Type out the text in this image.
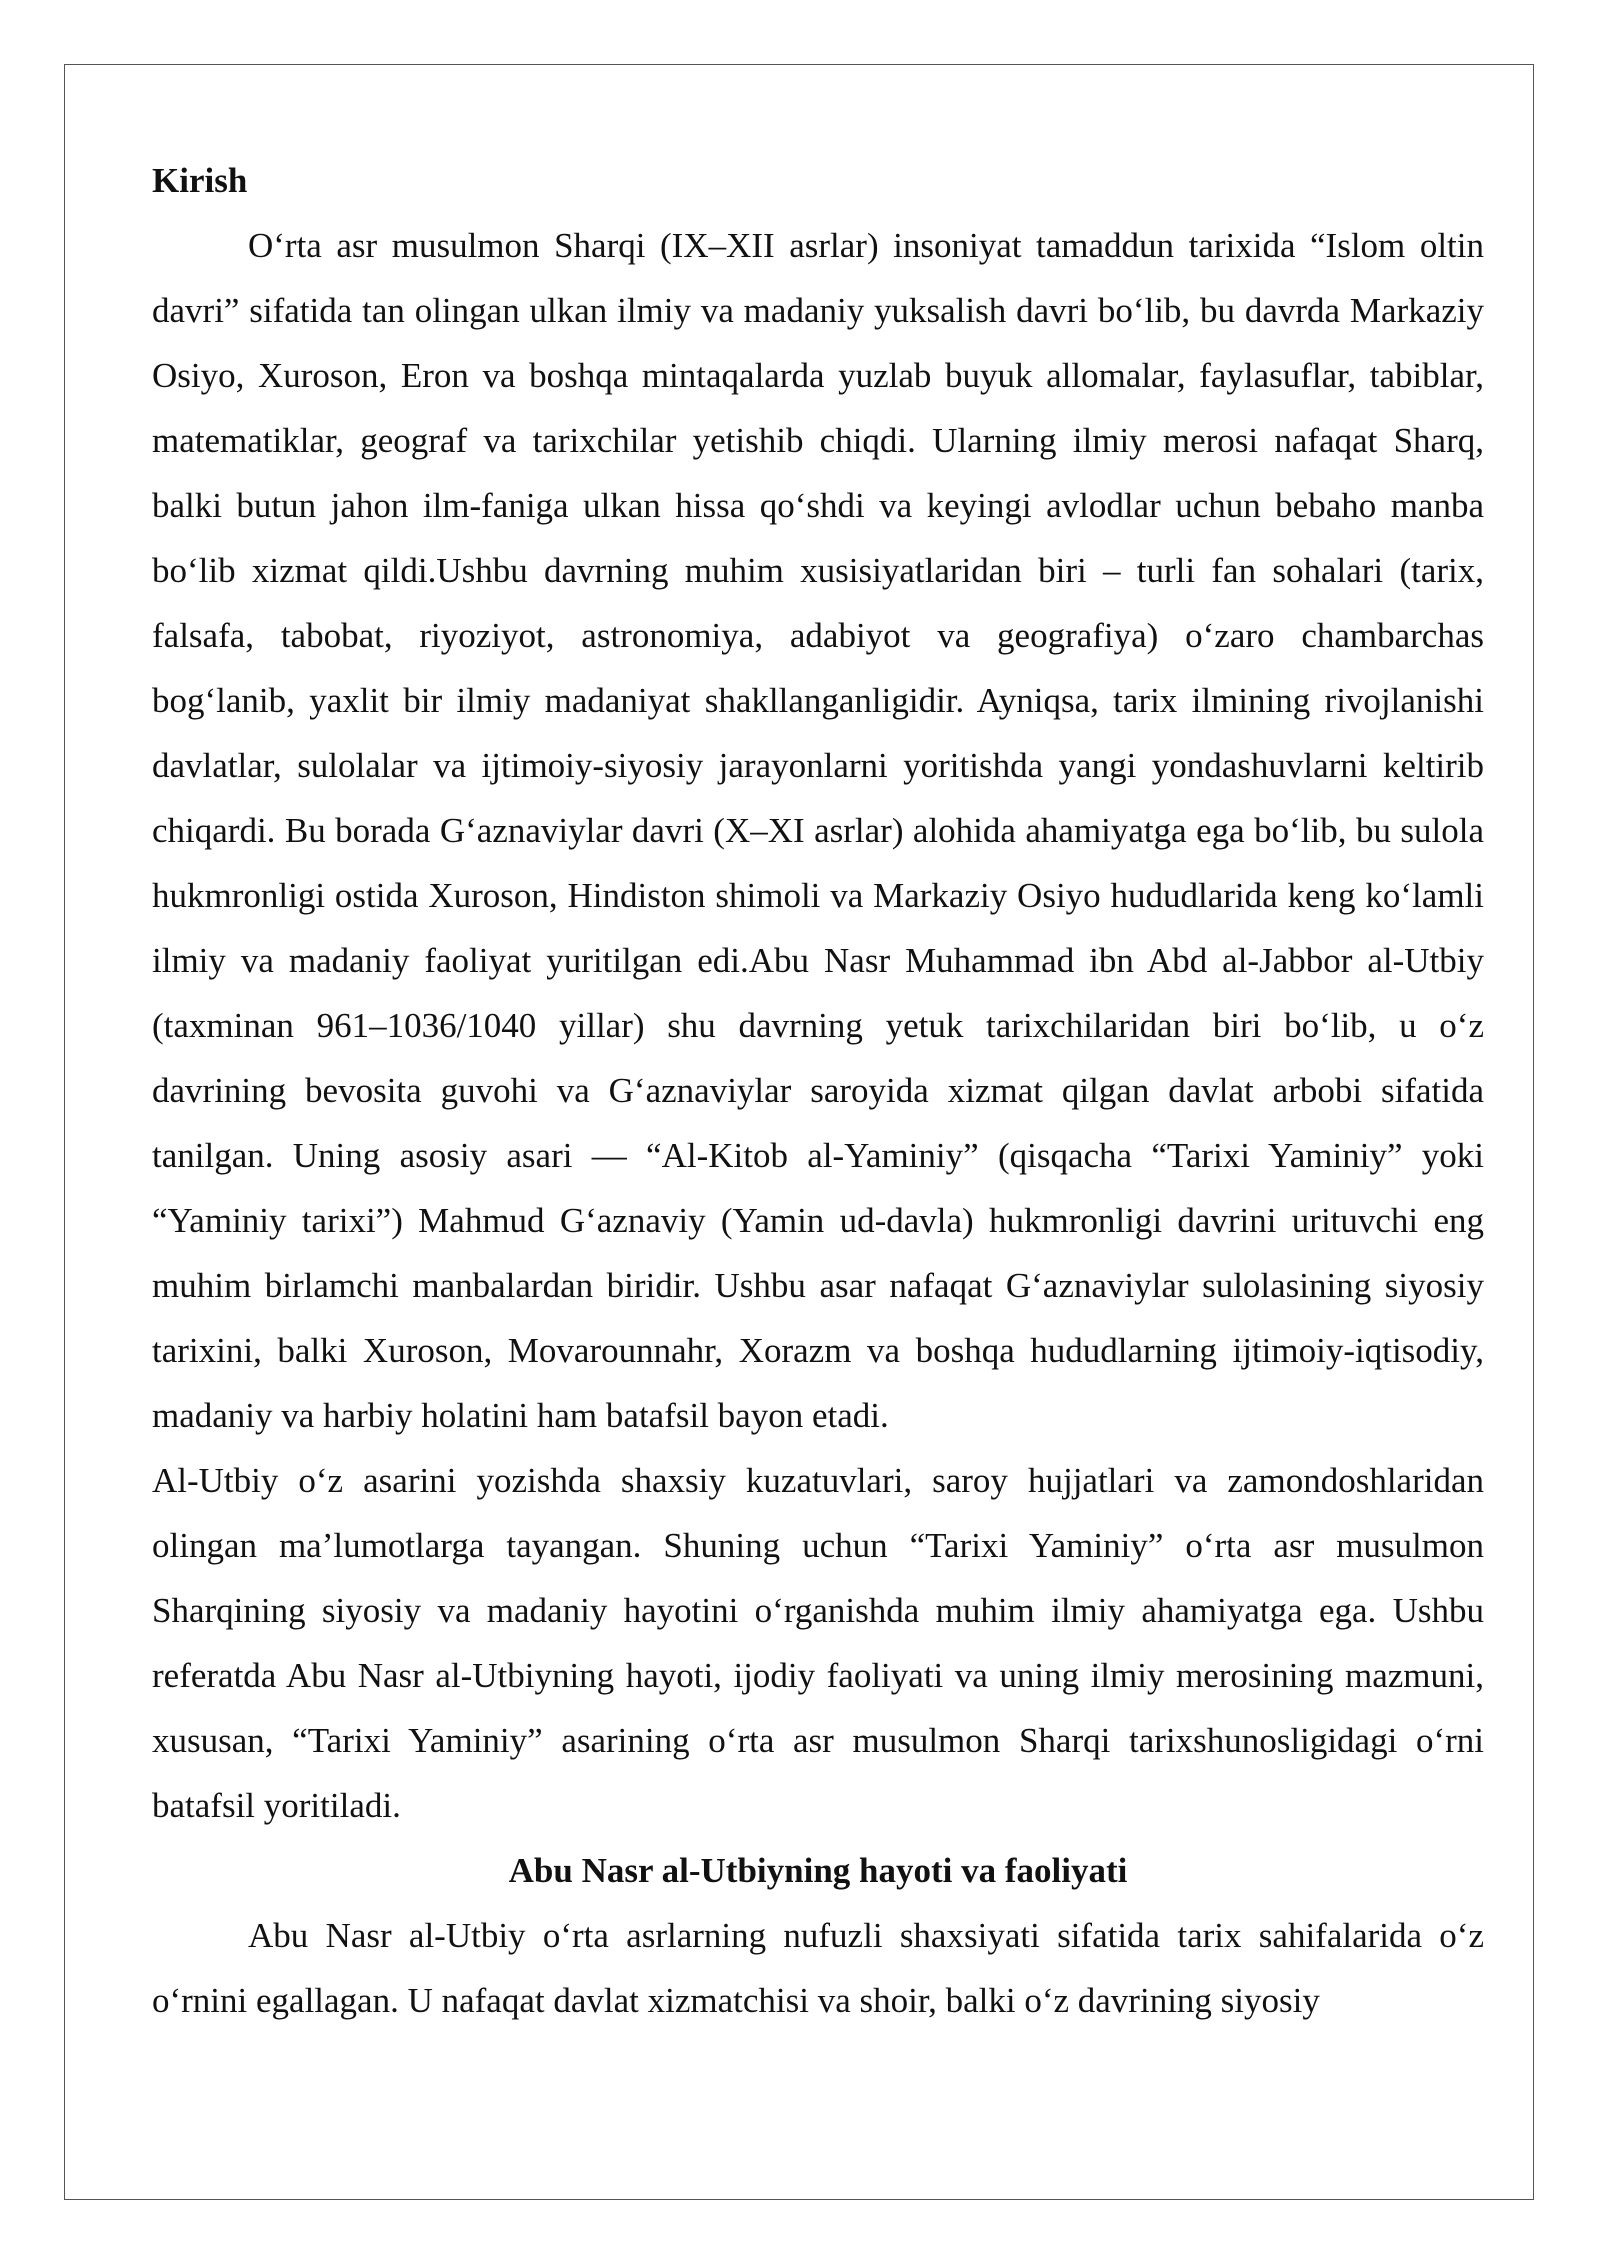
Kirish

O‘rta asr musulmon Sharqi (IX–XII asrlar) insoniyat tamaddun tarixida “Islom oltin davri” sifatida tan olingan ulkan ilmiy va madaniy yuksalish davri bo‘lib, bu davrda Markaziy Osiyo, Xuroson, Eron va boshqa mintaqalarda yuzlab buyuk allomalar, faylasuflar, tabiblar, matematiklar, geograf va tarixchilar yetishib chiqdi. Ularning ilmiy merosi nafaqat Sharq, balki butun jahon ilm-faniga ulkan hissa qo‘shdi va keyingi avlodlar uchun bebaho manba bo‘lib xizmat qildi.Ushbu davrning muhim xusisiyatlaridan biri – turli fan sohalari (tarix, falsafa, tabobat, riyoziyot, astronomiya, adabiyot va geografiya) o‘zaro chambarchas bog‘lanib, yaxlit bir ilmiy madaniyat shakllanganligidir. Ayniqsa, tarix ilmining rivojlanishi davlatlar, sulolalar va ijtimoiy-siyosiy jarayonlarni yoritishda yangi yondashuvlarni keltirib chiqardi. Bu borada G‘aznaviylar davri (X–XI asrlar) alohida ahamiyatga ega bo‘lib, bu sulola hukmronligi ostida Xuroson, Hindiston shimoli va Markaziy Osiyo hududlarida keng ko‘lamli ilmiy va madaniy faoliyat yuritilgan edi.Abu Nasr Muhammad ibn Abd al-Jabbor al-Utbiy (taxminan 961–1036/1040 yillar) shu davrning yetuk tarixchilaridan biri bo‘lib, u o‘z davrining bevosita guvohi va G‘aznaviylar saroyida xizmat qilgan davlat arbobi sifatida tanilgan. Uning asosiy asari — “Al-Kitob al-Yaminiy” (qisqacha “Tarixi Yaminiy” yoki “Yaminiy tarixi”) Mahmud G‘aznaviy (Yamin ud-davla) hukmronligi davrini urituvchi eng muhim birlamchi manbalardan biridir. Ushbu asar nafaqat G‘aznaviylar sulolasining siyosiy tarixini, balki Xuroson, Movarounnahr, Xorazm va boshqa hududlarning ijtimoiy-iqtisodiy, madaniy va harbiy holatini ham batafsil bayon etadi.

Al-Utbiy o‘z asarini yozishda shaxsiy kuzatuvlari, saroy hujjatlari va zamondoshlaridan olingan ma’lumotlarga tayangan. Shuning uchun “Tarixi Yaminiy” o‘rta asr musulmon Sharqining siyosiy va madaniy hayotini o‘rganishda muhim ilmiy ahamiyatga ega. Ushbu referatda Abu Nasr al-Utbiyning hayoti, ijodiy faoliyati va uning ilmiy merosining mazmuni, xususan, “Tarixi Yaminiy” asarining o‘rta asr musulmon Sharqi tarixshunosligidagi o‘rni batafsil yoritiladi.

Abu Nasr al-Utbiyning hayoti va faoliyati

Abu Nasr al-Utbiy o‘rta asrlarning nufuzli shaxsiyati sifatida tarix sahifalarida o‘z o‘rnini egallagan. U nafaqat davlat xizmatchisi va shoir, balki o‘z davrining siyosiy
